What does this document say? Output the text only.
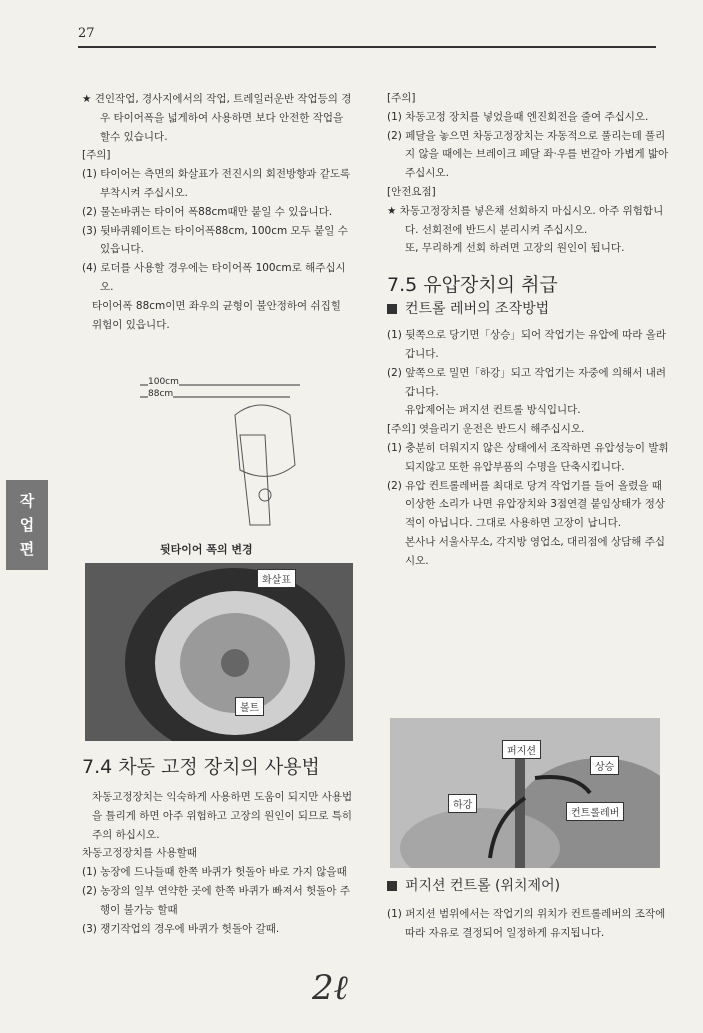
27
작
업
편

★ 견인작업, 경사지에서의 작업, 트레일러운반 작업등의 경우 타이어폭을 넓게하여 사용하면 보다 안전한 작업을 할수 있습니다.

[주의]

(1) 타이어는 측면의 화살표가 전진시의 회전방향과 같도록 부착시켜 주십시오.

(2) 물논바퀴는 타이어 폭88cm때만 붙일 수 있읍니다.

(3) 뒷바퀴웨이트는 타이어폭88cm, 100cm 모두 붙일 수 있읍니다.

(4) 로더를 사용할 경우에는 타이어폭 100cm로 해주십시오.

타이어폭 88cm이면 좌우의 균형이 불안정하여 쉬집힐 위험이 있읍니다.

100cm
88cm
뒷타이어 폭의 변경
화살표
볼트

7.4 차동 고정 장치의 사용법

차동고정장치는 익숙하게 사용하면 도움이 되지만 사용법을 틀리게 하면 아주 위험하고 고장의 원인이 되므로 특히 주의 하십시오.

차동고정장치를 사용할때

(1) 농장에 드나들때 한쪽 바퀴가 헛돌아 바로 가지 않을때

(2) 농장의 일부 연약한 곳에 한쪽 바퀴가 빠져서 헛돌아 주행이 불가능 할때

(3) 쟁기작업의 경우에 바퀴가 헛돌아 갈때.

[주의]

(1) 차동고정 장치를 넣었을때 엔진회전을 줄여 주십시오.

(2) 페달을 놓으면 차동고정장치는 자동적으로 풀리는데 풀리지 않을 때에는 브레이크 페달 좌·우를 번갈아 가볍게 밟아 주십시오.

[안전요점]

★ 차동고정장치를 넣은채 선회하지 마십시오. 아주 위험합니다. 선회전에 반드시 분리시켜 주십시오.

또, 무리하게 선회 하려면 고장의 원인이 됩니다.

7.5 유압장치의 취급

컨트롤 레버의 조작방법

(1) 뒷쪽으로 당기면「상승」되어 작업기는 유압에 따라 올라 갑니다.

(2) 앞쪽으로 밀면「하강」되고 작업기는 자중에 의해서 내려 갑니다.

유압제어는 퍼지션 컨트롤 방식입니다.

[주의] 엿을리기 운전은 반드시 해주십시오.

(1) 충분히 더워지지 않은 상태에서 조작하면 유압성능이 발휘되지않고 또한 유압부품의 수명을 단축시킵니다.

(2) 유압 컨트롤레버를 최대로 당겨 작업기를 들어 올렸을 때 이상한 소리가 나면 유압장치와 3점연결 붙임상태가 정상적이 아닙니다. 그대로 사용하면 고장이 납니다.

본사나 서울사무소, 각지방 영업소, 대리점에 상담해 주십시오.

퍼지션
상승
하강
컨트롤레버
퍼지션 컨트롤 (위치제어)

(1) 퍼지션 범위에서는 작업기의 위치가 컨트롤레버의 조작에 따라 자유로 결정되어 일정하게 유지됩니다.

2ℓ
